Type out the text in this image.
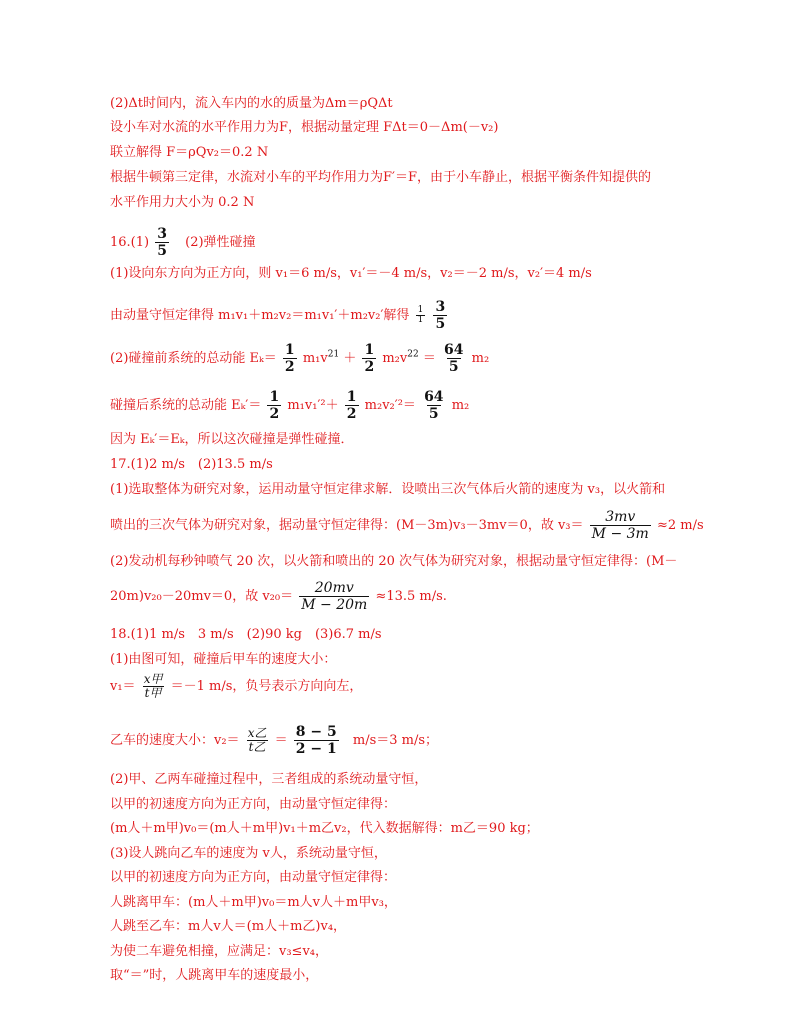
(2)Δt时间内，流入车内的水的质量为Δm＝ρQΔt
设小车对水流的水平作用力为F，根据动量定理 FΔt＝0－Δm(－v₂)
联立解得 F＝ρQv₂＝0.2 N
根据牛顿第三定律，水流对小车的平均作用力为F′＝F，由于小车静止，根据平衡条件知提供的
水平作用力大小为 0.2 N
$16.(1) \frac{3}{5} (2)$弹性碰撞
(1)设向东方向为正方向，则 v₁＝6 m/s，v₁′＝－4 m/s，v₂＝－2 m/s，v₂′＝4 m/s
由动量守恒定律得 m₁v₁＋m₂v₂＝m₁v₁′＋m₂v₂′解得 $\frac{1}{1}$
$\frac{3}{5}$
(2)碰撞前系统的总动能 $E_k= \frac{1}{2} m_1v^{21} + \frac{1}{2} m_2v^{22} = \frac{64}{5} m_2$
碰撞后系统的总动能 $E_k'= \frac{1}{2} m_1v_1'^2+ \frac{1}{2} m_2v_2'^2= \frac{64}{5} m_2$
因为 Eₖ′＝Eₖ，所以这次碰撞是弹性碰撞．
17.(1)2 m/s　(2)13.5 m/s
(1)选取整体为研究对象，运用动量守恒定律求解．设喷出三次气体后火箭的速度为 v₃，以火箭和
喷出的三次气体为研究对象，据动量守恒定律得：(M－3m)v₃－3mv＝0，故 $v_3= \frac{3mv}{M - 3m} \approx 2$ m/s
(2)发动机每秒钟喷气 20 次，以火箭和喷出的 20 次气体为研究对象，根据动量守恒定律得：(M－
20m)v₂₀－20mv＝0，故 $v_{20}= \frac{20mv}{M - 20m} \approx 13.5$ m/s.
18.(1)1 m/s　3 m/s　(2)90 kg　(3)6.7 m/s
(1)由图可知，碰撞后甲车的速度大小：
$v_1= \frac{\text{x甲}}{\text{t甲}} =-1$ m/s，负号表示方向向左，
乙车的速度大小：$v_2= \frac{\text{x乙}}{\text{t乙}} = \frac{8 - 5}{2 - 1} m/s=3$ m/s；
(2)甲、乙两车碰撞过程中，三者组成的系统动量守恒，
以甲的初速度方向为正方向，由动量守恒定律得：
(m人＋m甲)v₀＝(m人＋m甲)v₁＋m乙v₂，代入数据解得：m乙＝90 kg；
(3)设人跳向乙车的速度为 v人，系统动量守恒，
以甲的初速度方向为正方向，由动量守恒定律得：
人跳离甲车：(m人＋m甲)v₀＝m人v人＋m甲v₃，
人跳至乙车：m人v人＝(m人＋m乙)v₄，
为使二车避免相撞，应满足：v₃≤v₄，
取“＝”时，人跳离甲车的速度最小，
